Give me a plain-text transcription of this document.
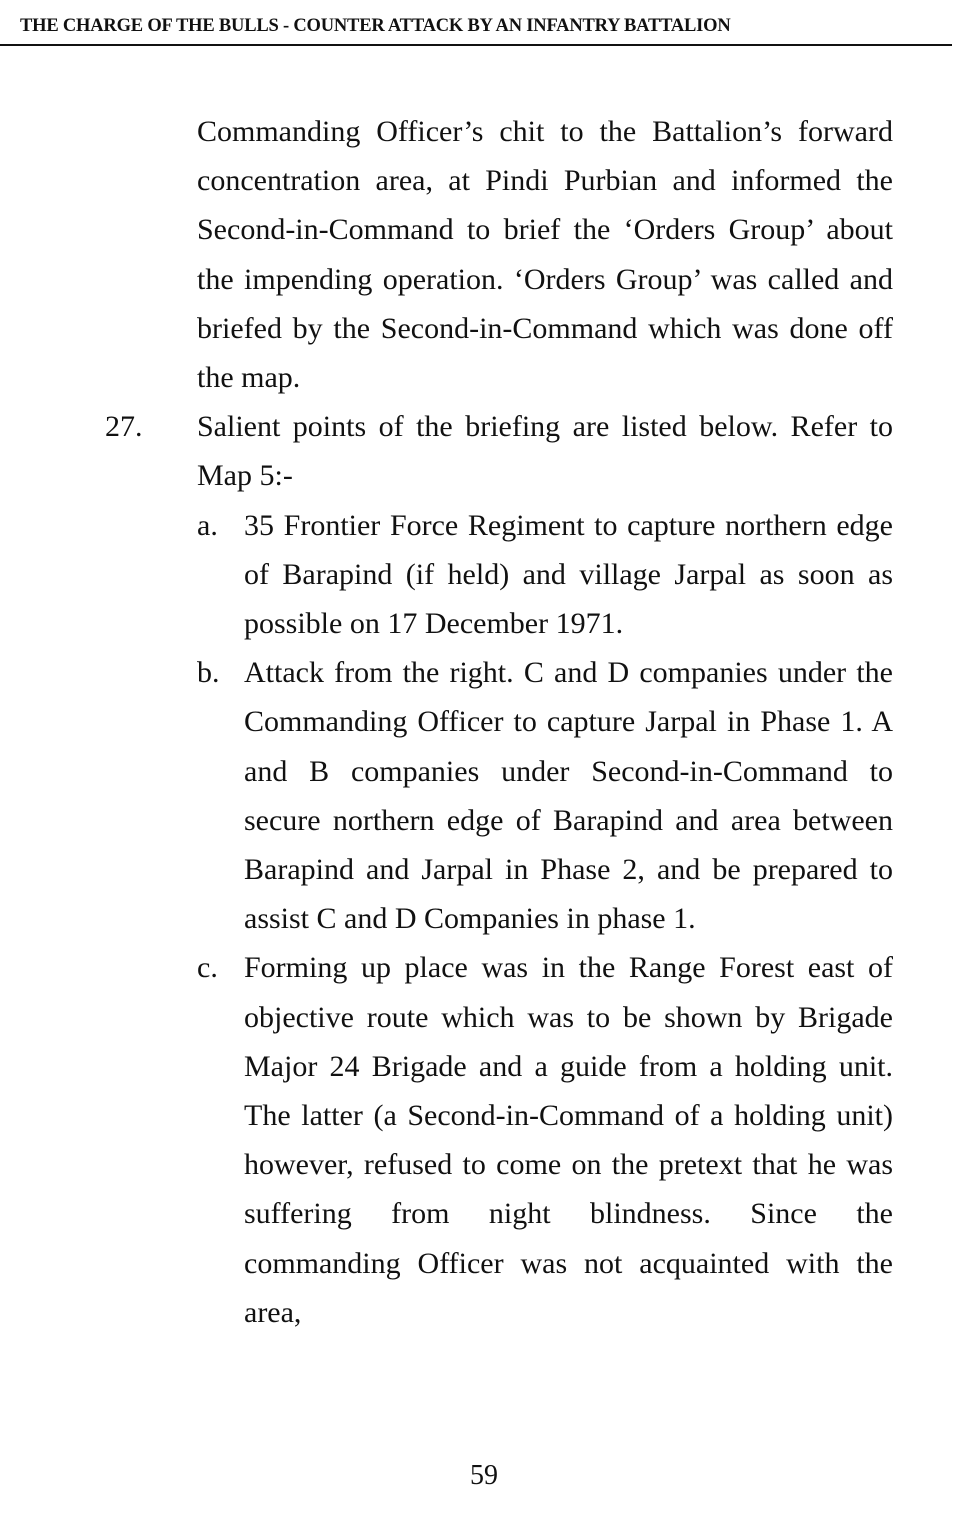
THE CHARGE OF THE BULLS - COUNTER ATTACK BY AN INFANTRY BATTALION

Commanding Officer’s chit to the Battalion’s forward concentration area, at Pindi Purbian and informed the Second-in-Command to brief the ‘Orders Group’ about the impending operation. ‘Orders Group’ was called and briefed by the Second-in-Command which was done off the map.

27. Salient points of the briefing are listed below. Refer to Map 5:-
a. 35 Frontier Force Regiment to capture northern edge of Barapind (if held) and village Jarpal as soon as possible on 17 December 1971.
b. Attack from the right. C and D companies under the Commanding Officer to capture Jarpal in Phase 1. A and B companies under Second-in-Command to secure northern edge of Barapind and area between Barapind and Jarpal in Phase 2, and be prepared to assist C and D Companies in phase 1.
c. Forming up place was in the Range Forest east of objective route which was to be shown by Brigade Major 24 Brigade and a guide from a holding unit. The latter (a Second-in-Command of a holding unit) however, refused to come on the pretext that he was suffering from night blindness. Since the commanding Officer was not acquainted with the area,
59
